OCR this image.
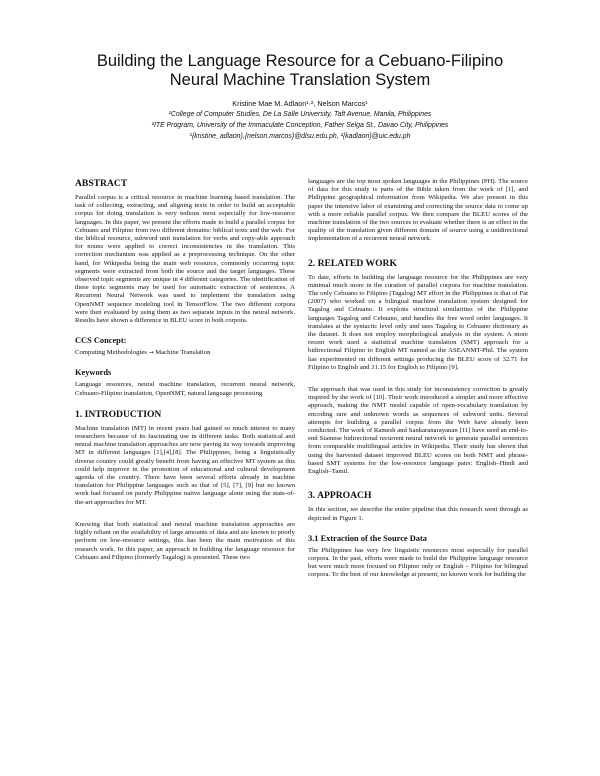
Building the Language Resource for a Cebuano-Filipino
Neural Machine Translation System

Kristine Mae M. Adlaon¹·², Nelson Marcos¹

¹College of Computer Studies, De La Salle University, Taft Avenue, Manila, Philippines

²ITE Program, University of the Immaculate Conception, Father Selga St., Davao City, Philippines

¹{kristine_adlaon},{nelson.marcos}@dlsu.edu.ph, ²{kadlaon}@uic.edu.ph

ABSTRACT

Parallel corpus is a critical resource in machine learning based translation. The task of collecting, extracting, and aligning texts in order to build an acceptable corpus for doing translation is very tedious most especially for low-resource languages. In this paper, we present the efforts made to build a parallel corpus for Cebuano and Filipino from two different domains: biblical texts and the web. For the biblical resource, subword unit translation for verbs and copy-able approach for nouns were applied to correct inconsistencies in the translation. This correction mechanism was applied as a preprocessing technique. On the other hand, for Wikipedia being the main web resource, commonly occurring topic segments were extracted from both the source and the target languages. These observed topic segments are unique in 4 different categories. The identification of these topic segments may be used for automatic extraction of sentences. A Recurrent Neural Network was used to implement the translation using OpenNMT sequence modeling tool in TensorFlow. The two different corpora were then evaluated by using them as two separate inputs in the neural network. Results have shown a difference in BLEU score in both corpora.

CCS Concept:

Computing Methodologies → Machine Translation

Keywords

Language resources, neural machine translation, recurrent neural network, Cebuano-Filipino translation, OpenNMT, natural language processing

1. INTRODUCTION

Machine translation (MT) in recent years had gained so much interest to many researchers because of its fascinating use in different tasks. Both statistical and neural machine translation approaches are now paving its way towards improving MT in different languages [1],[4],[8]. The Philippines, being a linguistically diverse country could greatly benefit from having an effective MT system as this could help improve in the promotion of educational and cultural development agenda of the country. There have been several efforts already in machine translation for Philippine languages such as that of [5], [7], [9] but no known work had focused on purely Philippine native language alone using the state-of-the-art approaches for MT.

Knowing that both statistical and neural machine translation approaches are highly reliant on the availability of large amounts of data and are known to poorly perform on low-resource settings, this has been the main motivation of this research work. In this paper, an approach in building the language resource for Cebuano and Filipino (formerly Tagalog) is presented. These two

languages are the top most spoken languages in the Philippines (PH). The source of data for this study is parts of the Bible taken from the work of [1], and Philippine geographical information from Wikipedia. We also present in this paper the intensive labor of examining and correcting the source data to come up with a more reliable parallel corpus. We then compare the BLEU scores of the machine translation of the two sources to evaluate whether there is an effect in the quality of the translation given different domain of source using a unidirectional implementation of a recurrent neural network.

2. RELATED WORK

To date, efforts in building the language resource for the Philippines are very minimal much more in the curation of parallel corpora for machine translation. The only Cebuano to Filipino (Tagalog) MT effort in the Philippines is that of Fat (2007) who worked on a bilingual machine translation system designed for Tagalog and Cebuano. It exploits structural similarities of the Philippine languages Tagalog and Cebuano, and handles the free word order languages. It translates at the syntactic level only and uses Tagalog to Cebuano dictionary as the dataset. It does not employ morphological analysis in the system. A more recent work used a statistical machine translation (SMT) approach for a bidirectional Filipino to English MT named as the ASEANMT-Phil. The system has experimented on different settings producing the BLEU score of 32.71 for Filipino to English and 31.15 for English to Filipino [9].

The approach that was used in this study for inconsistency correction is greatly inspired by the work of [10]. Their work introduced a simpler and more effective approach, making the NMT model capable of open-vocabulary translation by encoding rare and unknown words as sequences of subword units. Several attempts for building a parallel corpus from the Web have already been conducted. The work of Ramesh and Sankaranarayanan [11] have used an end-to-end Siamese bidirectional recurrent neural network to generate parallel sentences from comparable multilingual articles in Wikipedia. Their study has shown that using the harvested dataset improved BLEU scores on both NMT and phrase-based SMT systems for the low-resource language pairs: English–Hindi and English–Tamil.

3. APPROACH

In this section, we describe the entire pipeline that this research went through as depicted in Figure 1.

3.1 Extraction of the Source Data

The Philippines has very few linguistic resources most especially for parallel corpora. In the past, efforts were made to build the Philippine language resource but were much more focused on Filipino only or English – Filipino for bilingual corpora. To the best of our knowledge at present, no known work for building the
